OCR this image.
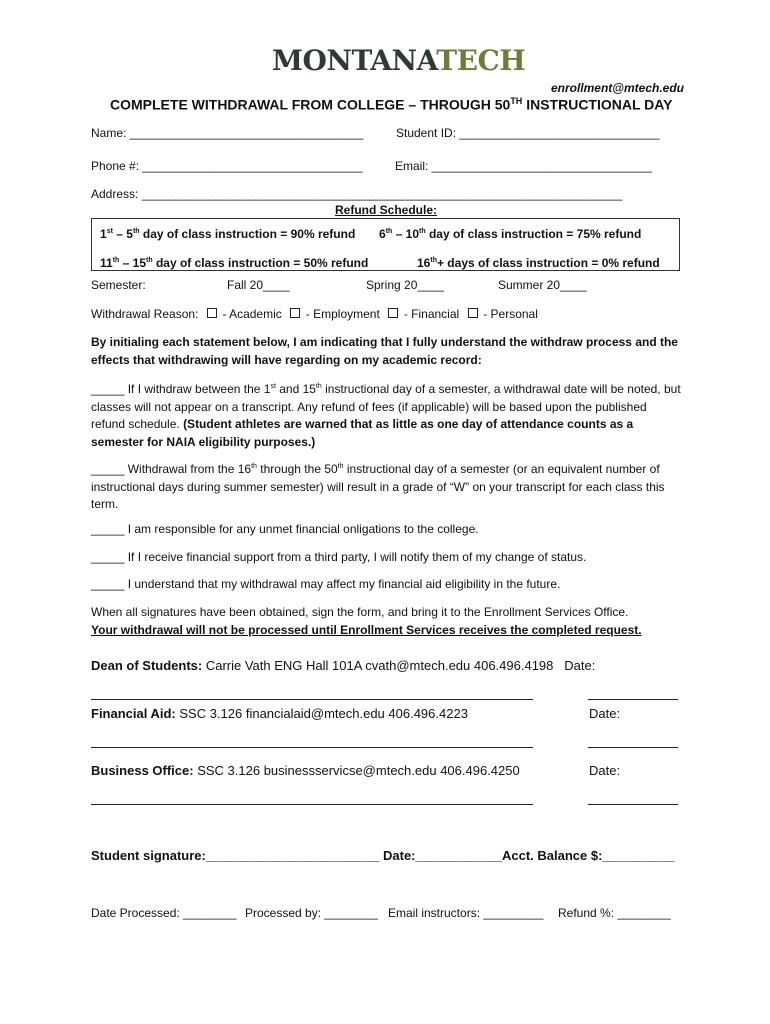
MONTANATECH
enrollment@mtech.edu
COMPLETE WITHDRAWAL FROM COLLEGE – THROUGH 50TH INSTRUCTIONAL DAY
Name: ___________________________________	Student ID: ______________________________
Phone #: _________________________________	Email: _________________________________
Address: ________________________________________________________________________
Refund Schedule:
1st – 5th day of class instruction = 90% refund 6th – 10th day of class instruction = 75% refund
11th – 15th day of class instruction = 50% refund	16th+ days of class instruction = 0% refund
Semester:	Fall 20____	Spring 20____	Summer 20____
Withdrawal Reason: - Academic - Employment - Financial - Personal
By initialing each statement below, I am indicating that I fully understand the withdraw process and the effects that withdrawing will have regarding on my academic record:
_____ If I withdraw between the 1st and 15th instructional day of a semester, a withdrawal date will be noted, but classes will not appear on a transcript. Any refund of fees (if applicable) will be based upon the published refund schedule. (Student athletes are warned that as little as one day of attendance counts as a semester for NAIA eligibility purposes.)
_____ Withdrawal from the 16th through the 50th instructional day of a semester (or an equivalent number of instructional days during summer semester) will result in a grade of “W” on your transcript for each class this term.
_____ I am responsible for any unmet financial onligations to the college.
_____ If I receive financial support from a third party, I will notify them of my change of status.
_____ I understand that my withdrawal may affect my financial aid eligibility in the future.
When all signatures have been obtained, sign the form, and bring it to the Enrollment Services Office.
Your withdrawal will not be processed until Enrollment Services receives the completed request.
Dean of Students: Carrie Vath ENG Hall 101A cvath@mtech.edu 406.496.4198 Date:
Financial Aid: SSC 3.126 financialaid@mtech.edu 406.496.4223	Date:
Business Office: SSC 3.126 businessservicse@mtech.edu 406.496.4250	Date:
Student signature:________________________ Date:____________ Acct. Balance $:__________
Date Processed: ________ Processed by: ________ Email instructors: _________ Refund %: ________
